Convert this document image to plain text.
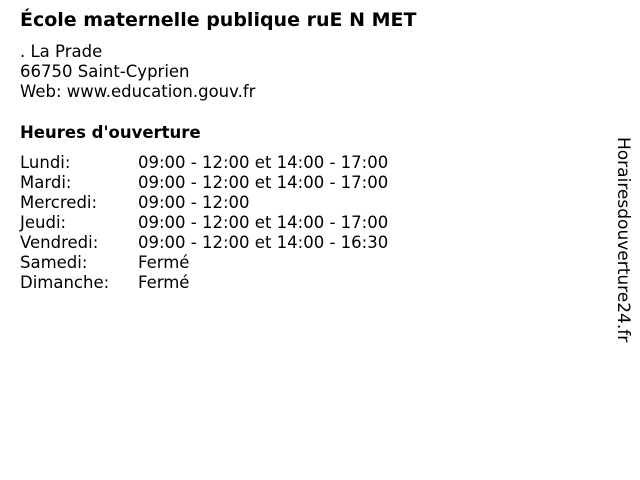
École maternelle publique ruE N MET
. La Prade
66750 Saint-Cyprien
Web: www.education.gouv.fr
Heures d'ouverture
Lundi:	09:00 - 12:00 et 14:00 - 17:00
Mardi:	09:00 - 12:00 et 14:00 - 17:00
Mercredi:	09:00 - 12:00
Jeudi:	09:00 - 12:00 et 14:00 - 17:00
Vendredi:	09:00 - 12:00 et 14:00 - 16:30
Samedi:	Fermé
Dimanche:	Fermé	Horairesdouverture24.fr
